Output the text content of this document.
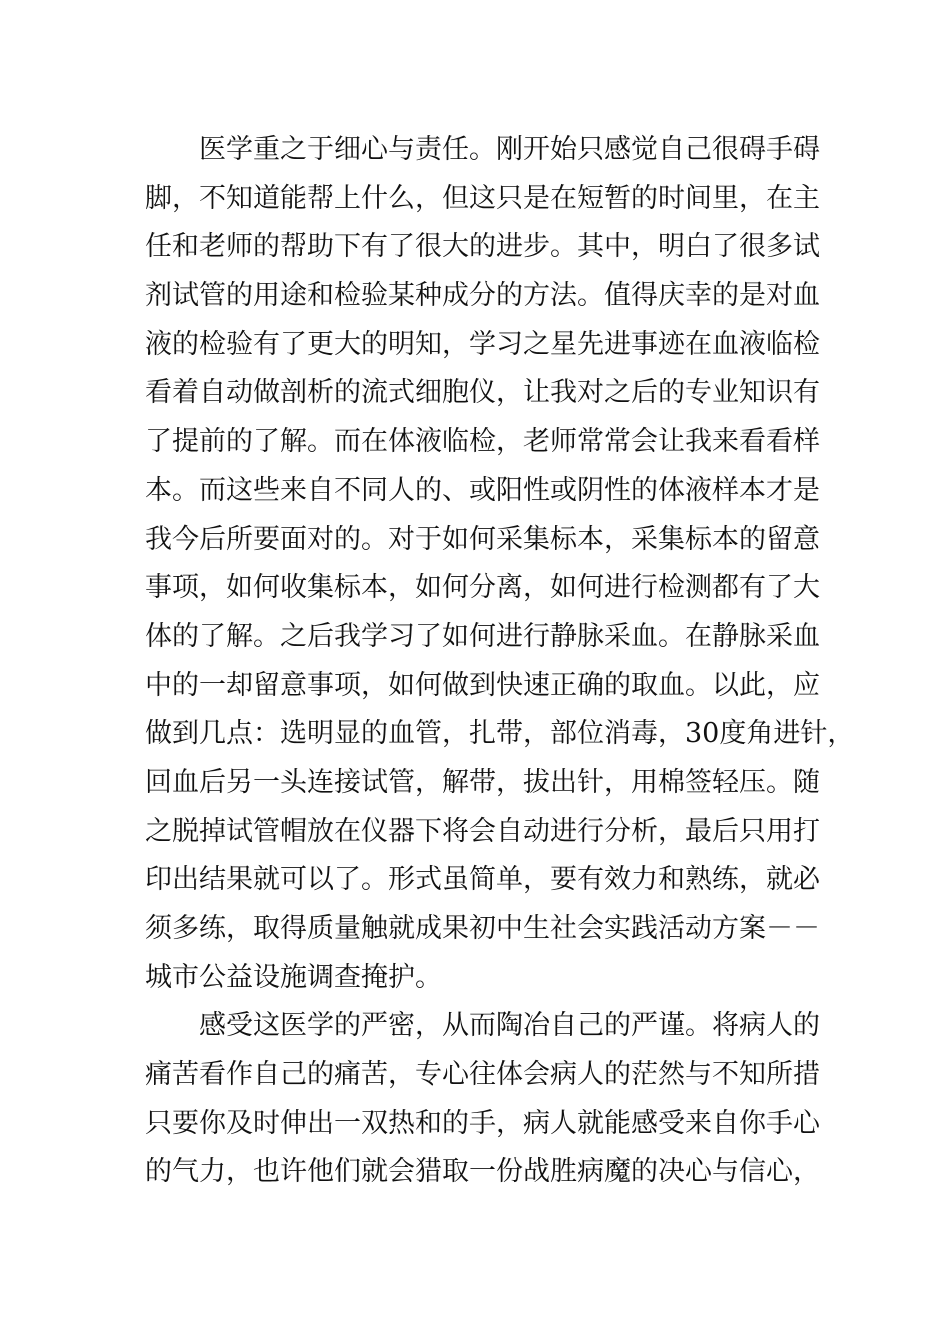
医学重之于细心与责任。刚开始只感觉自己很碍手碍
脚，不知道能帮上什么，但这只是在短暂的时间里，在主
任和老师的帮助下有了很大的进步。其中，明白了很多试
剂试管的用途和检验某种成分的方法。值得庆幸的是对血
液的检验有了更大的明知，学习之星先进事迹在血液临检
看着自动做剖析的流式细胞仪，让我对之后的专业知识有
了提前的了解。而在体液临检，老师常常会让我来看看样
本。而这些来自不同人的、或阳性或阴性的体液样本才是
我今后所要面对的。对于如何采集标本，采集标本的留意
事项，如何收集标本，如何分离，如何进行检测都有了大
体的了解。之后我学习了如何进行静脉采血。在静脉采血
中的一却留意事项，如何做到快速正确的取血。以此，应
做到几点：选明显的血管，扎带，部位消毒，30度角进针，
回血后另一头连接试管，解带，拔出针，用棉签轻压。随
之脱掉试管帽放在仪器下将会自动进行分析，最后只用打
印出结果就可以了。形式虽简单，要有效力和熟练，就必
须多练，取得质量触就成果初中生社会实践活动方案－－
城市公益设施调查掩护。
感受这医学的严密，从而陶冶自己的严谨。将病人的
痛苦看作自己的痛苦，专心往体会病人的茫然与不知所措
只要你及时伸出一双热和的手，病人就能感受来自你手心
的气力，也许他们就会猎取一份战胜病魔的决心与信心，
